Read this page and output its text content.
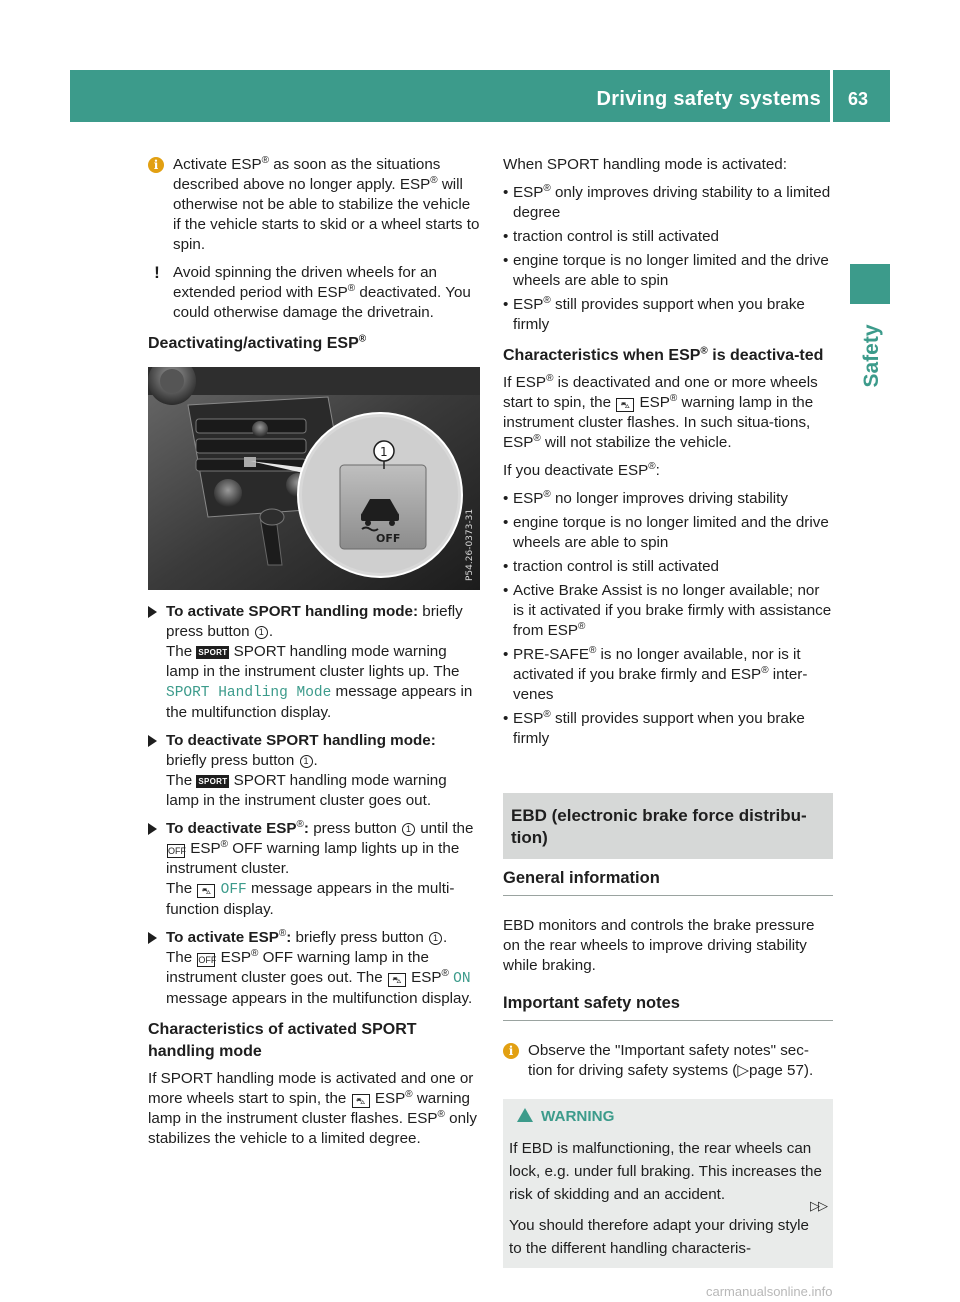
Driving safety systems	63
Safety
i Activate ESP® as soon as the situations described above no longer apply. ESP® will otherwise not be able to stabilize the vehicle if the vehicle starts to skid or a wheel starts to spin.
! Avoid spinning the driven wheels for an extended period with ESP® deactivated. You could otherwise damage the drivetrain.
Deactivating/activating ESP®
OFF
1
P54.26-0373-31
To activate SPORT handling mode: briefly press button 1 .
The SPORT SPORT handling mode warning lamp in the instrument cluster lights up. The SPORT Handling Mode message appears in the multifunction display.
To deactivate SPORT handling mode: briefly press button 1 .
The SPORT SPORT handling mode warning lamp in the instrument cluster goes out.
To deactivate ESP®: press button 1 until the OFF ESP® OFF warning lamp lights up in the instrument cluster.
The ⛍ OFF message appears in the multi-function display.
To activate ESP®: briefly press button 1 .
The OFF ESP® OFF warning lamp in the instrument cluster goes out. The ⛍ ESP® ON message appears in the multifunction display.
Characteristics of activated SPORT handling mode

If SPORT handling mode is activated and one or more wheels start to spin, the ⛍ ESP® warning lamp in the instrument cluster flashes. ESP® only stabilizes the vehicle to a limited degree.

When SPORT handling mode is activated:

• ESP® only improves driving stability to a limited degree
• traction control is still activated
• engine torque is no longer limited and the drive wheels are able to spin
• ESP® still provides support when you brake firmly
Characteristics when ESP® is deactiva-ted

If ESP® is deactivated and one or more wheels start to spin, the ⛍ ESP® warning lamp in the instrument cluster flashes. In such situa-tions, ESP® will not stabilize the vehicle.

If you deactivate ESP®:

• ESP® no longer improves driving stability
• engine torque is no longer limited and the drive wheels are able to spin
• traction control is still activated
• Active Brake Assist is no longer available; nor is it activated if you brake firmly with assistance from ESP®
• PRE-SAFE® is no longer available, nor is it activated if you brake firmly and ESP® inter-venes
• ESP® still provides support when you brake firmly
EBD (electronic brake force distribu-tion)
General information

EBD monitors and controls the brake pressure on the rear wheels to improve driving stability while braking.

Important safety notes
i Observe the "Important safety notes" sec-tion for driving safety systems (▷page 57).
WARNING

If EBD is malfunctioning, the rear wheels can lock, e.g. under full braking. This increases the risk of skidding and an accident.

You should therefore adapt your driving style to the different handling characteris-

▷▷
carmanualsonline.info
